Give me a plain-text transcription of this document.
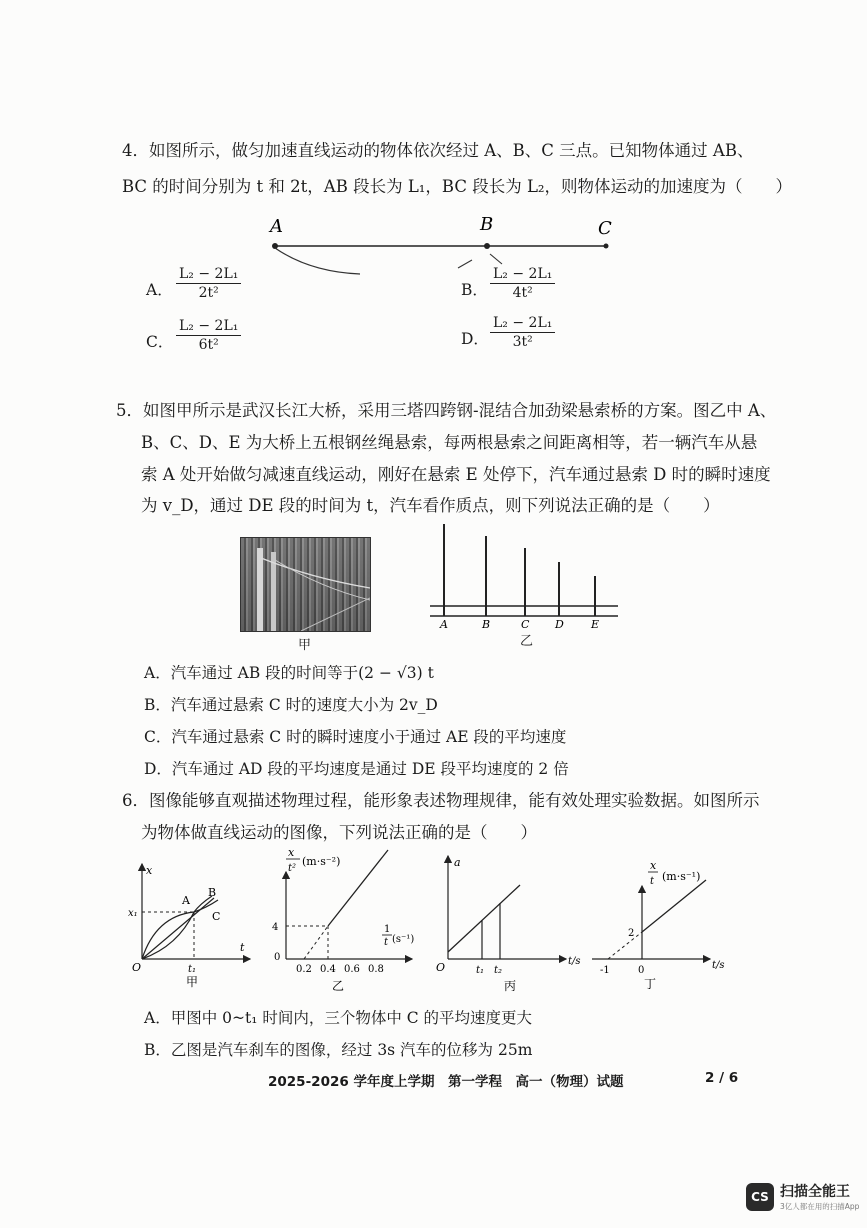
4．如图所示，做匀加速直线运动的物体依次经过 A、B、C 三点。已知物体通过 AB、
BC 的时间分别为 t 和 2t，AB 段长为 L₁，BC 段长为 L₂，则物体运动的加速度为（　　）
A	B	C
A． $\frac{\text{L₂ − 2L₁}}{\text{2t²}}$	B． $\frac{\text{L₂ − 2L₁}}{\text{4t²}}$
C． $\frac{\text{L₂ − 2L₁}}{\text{6t²}}$	D． $\frac{\text{L₂ − 2L₁}}{\text{3t²}}$
5．如图甲所示是武汉长江大桥，采用三塔四跨钢-混结合加劲梁悬索桥的方案。图乙中 A、
B、C、D、E 为大桥上五根钢丝绳悬索，每两根悬索之间距离相等，若一辆汽车从悬
索 A 处开始做匀减速直线运动，刚好在悬索 E 处停下，汽车通过悬索 D 时的瞬时速度
为 v_D，通过 DE 段的时间为 t，汽车看作质点，则下列说法正确的是（　　）
甲
A	B	C D E
乙
A．汽车通过 AB 段的时间等于(2 − √3) t
B．汽车通过悬索 C 时的速度大小为 2v_D
C．汽车通过悬索 C 时的瞬时速度小于通过 AE 段的平均速度
D．汽车通过 AD 段的平均速度是通过 DE 段平均速度的 2 倍
6．图像能够直观描述物理过程，能形象表述物理规律，能有效处理实验数据。如图所示
为物体做直线运动的图像，下列说法正确的是（　　）
x
t
O
x₁
t₁
A
B
C
甲
x
t²
(m·s⁻²)
1
t (s⁻¹)
0
4
0.2 0.4 0.6 0.8
乙
a
t/s
O	t₁ t₂
丙
x
t (m·s⁻¹)
t/s
2
-1	0
丁
A．甲图中 0~t₁ 时间内，三个物体中 C 的平均速度更大
B．乙图是汽车刹车的图像，经过 3s 汽车的位移为 25m
2025-2026 学年度上学期　第一学程　高一（物理）试题	2 / 6
CS 扫描全能王
3亿人都在用的扫描App
